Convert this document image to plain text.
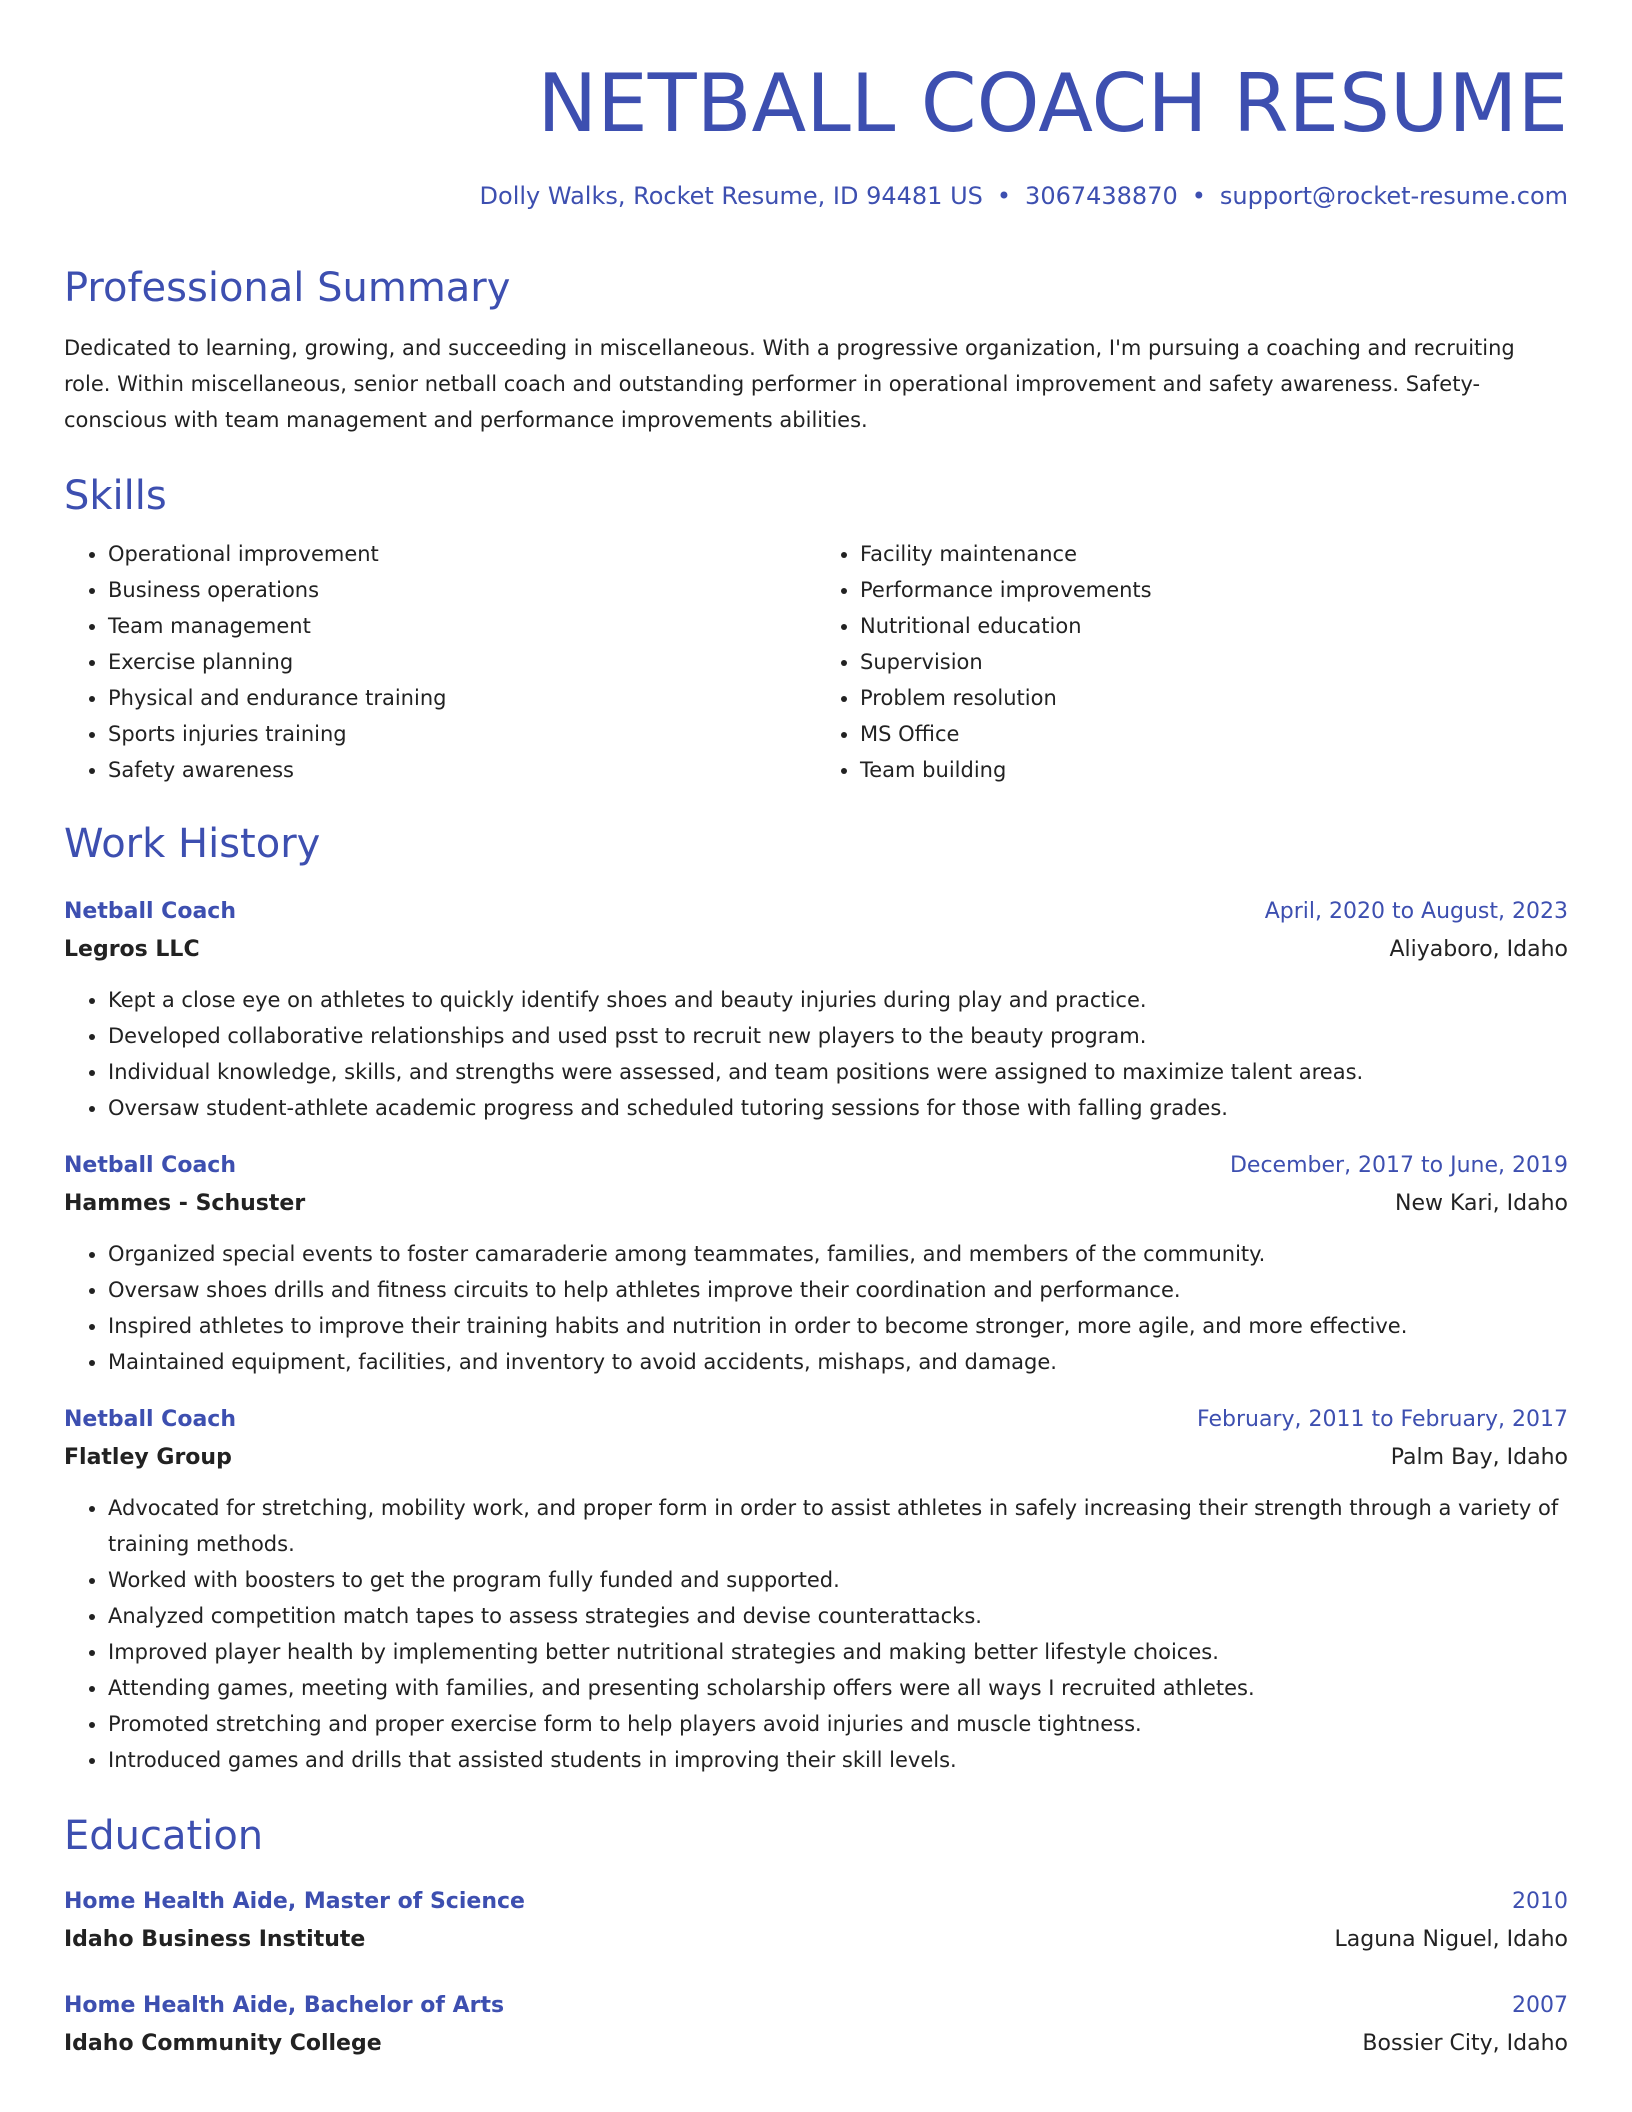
NETBALL COACH RESUME
Dolly Walks, Rocket Resume, ID 94481 US • 3067438870 • support@rocket-resume.com
Professional Summary

Dedicated to learning, growing, and succeeding in miscellaneous. With a progressive organization, I'm pursuing a coaching and recruiting role. Within miscellaneous, senior netball coach and outstanding performer in operational improvement and safety awareness. Safety-conscious with team management and performance improvements abilities.

Skills
• Operational improvement
• Business operations
• Team management
• Exercise planning
• Physical and endurance training
• Sports injuries training
• Safety awareness
• Facility maintenance
• Performance improvements
• Nutritional education
• Supervision
• Problem resolution
• MS Office
• Team building
Work History
Netball Coach	April, 2020 to August, 2023
Legros LLC	Aliyaboro, Idaho
• Kept a close eye on athletes to quickly identify shoes and beauty injuries during play and practice.
• Developed collaborative relationships and used psst to recruit new players to the beauty program.
• Individual knowledge, skills, and strengths were assessed, and team positions were assigned to maximize talent areas.
• Oversaw student-athlete academic progress and scheduled tutoring sessions for those with falling grades.
Netball Coach	December, 2017 to June, 2019
Hammes - Schuster	New Kari, Idaho
• Organized special events to foster camaraderie among teammates, families, and members of the community.
• Oversaw shoes drills and fitness circuits to help athletes improve their coordination and performance.
• Inspired athletes to improve their training habits and nutrition in order to become stronger, more agile, and more effective.
• Maintained equipment, facilities, and inventory to avoid accidents, mishaps, and damage.
Netball Coach	February, 2011 to February, 2017
Flatley Group	Palm Bay, Idaho
• Advocated for stretching, mobility work, and proper form in order to assist athletes in safely increasing their strength through a variety of training methods.
• Worked with boosters to get the program fully funded and supported.
• Analyzed competition match tapes to assess strategies and devise counterattacks.
• Improved player health by implementing better nutritional strategies and making better lifestyle choices.
• Attending games, meeting with families, and presenting scholarship offers were all ways I recruited athletes.
• Promoted stretching and proper exercise form to help players avoid injuries and muscle tightness.
• Introduced games and drills that assisted students in improving their skill levels.
Education
Home Health Aide, Master of Science	2010
Idaho Business Institute	Laguna Niguel, Idaho
Home Health Aide, Bachelor of Arts	2007
Idaho Community College	Bossier City, Idaho
